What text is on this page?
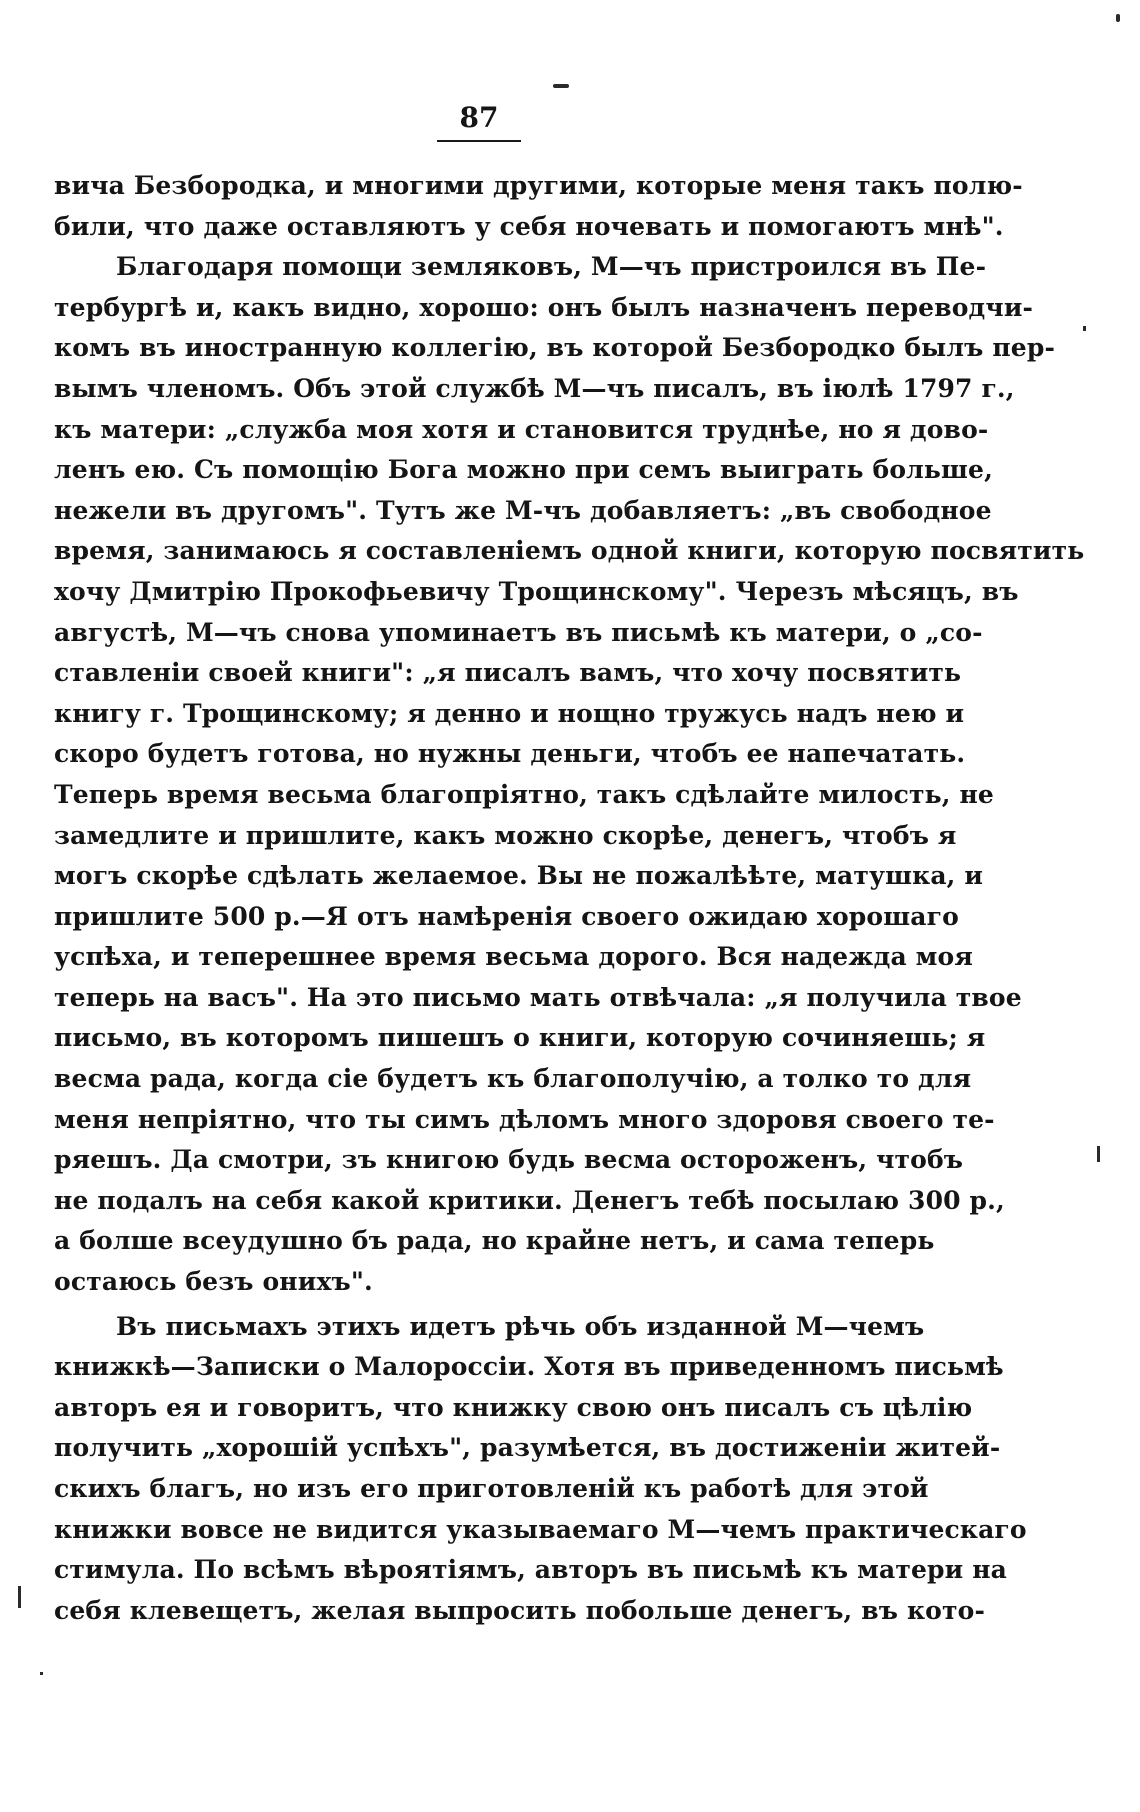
87
вича Безбородка, и многими другими, которые меня такъ полю-
били, что даже оставляютъ у себя ночевать и помогаютъ мнѣ".
Благодаря помощи земляковъ, М—чъ пристроился въ Пе-
тербургѣ и, какъ видно, хорошо: онъ былъ назначенъ переводчи-
комъ въ иностранную коллегію, въ которой Безбородко былъ пер-
вымъ членомъ. Объ этой службѣ М—чъ писалъ, въ іюлѣ 1797 г.,
къ матери: „служба моя хотя и становится труднѣе, но я дово-
ленъ ею. Съ помощію Бога можно при семъ выиграть больше,
нежели въ другомъ". Тутъ же М-чъ добавляетъ: „въ свободное
время, занимаюсь я составленіемъ одной книги, которую посвятить
хочу Дмитрію Прокофьевичу Трощинскому". Черезъ мѣсяцъ, въ
августѣ, М—чъ снова упоминаетъ въ письмѣ къ матери, о „со-
ставленіи своей книги": „я писалъ вамъ, что хочу посвятить
книгу г. Трощинскому; я денно и нощно тружусь надъ нею и
скоро будетъ готова, но нужны деньги, чтобъ ее напечатать.
Теперь время весьма благопріятно, такъ сдѣлайте милость, не
замедлите и пришлите, какъ можно скорѣе, денегъ, чтобъ я
могъ скорѣе сдѣлать желаемое. Вы не пожалѣѣте, матушка, и
пришлите 500 р.—Я отъ намѣренія своего ожидаю хорошаго
успѣха, и теперешнее время весьма дорого. Вся надежда моя
теперь на васъ". На это письмо мать отвѣчала: „я получила твое
письмо, въ которомъ пишешъ о книги, которую сочиняешь; я
весма рада, когда сіе будетъ къ благополучію, а толко то для
меня непріятно, что ты симъ дѣломъ много здоровя своего те-
ряешъ. Да смотри, зъ книгою будь весма остороженъ, чтобъ
не подалъ на себя какой критики. Денегъ тебѣ посылаю 300 р.,
а болше всеудушно бъ рада, но крайне нетъ, и сама теперь
остаюсь безъ онихъ".
Въ письмахъ этихъ идетъ рѣчь объ изданной М—чемъ
книжкѣ—Записки о Малороссіи. Хотя въ приведенномъ письмѣ
авторъ ея и говоритъ, что книжку свою онъ писалъ съ цѣлію
получить „хорошій успѣхъ", разумѣется, въ достиженіи житей-
скихъ благъ, но изъ его приготовленій къ работѣ для этой
книжки вовсе не видится указываемаго М—чемъ практическаго
стимула. По всѣмъ вѣроятіямъ, авторъ въ письмѣ къ матери на
себя клевещетъ, желая выпросить побольше денегъ, въ кото-
